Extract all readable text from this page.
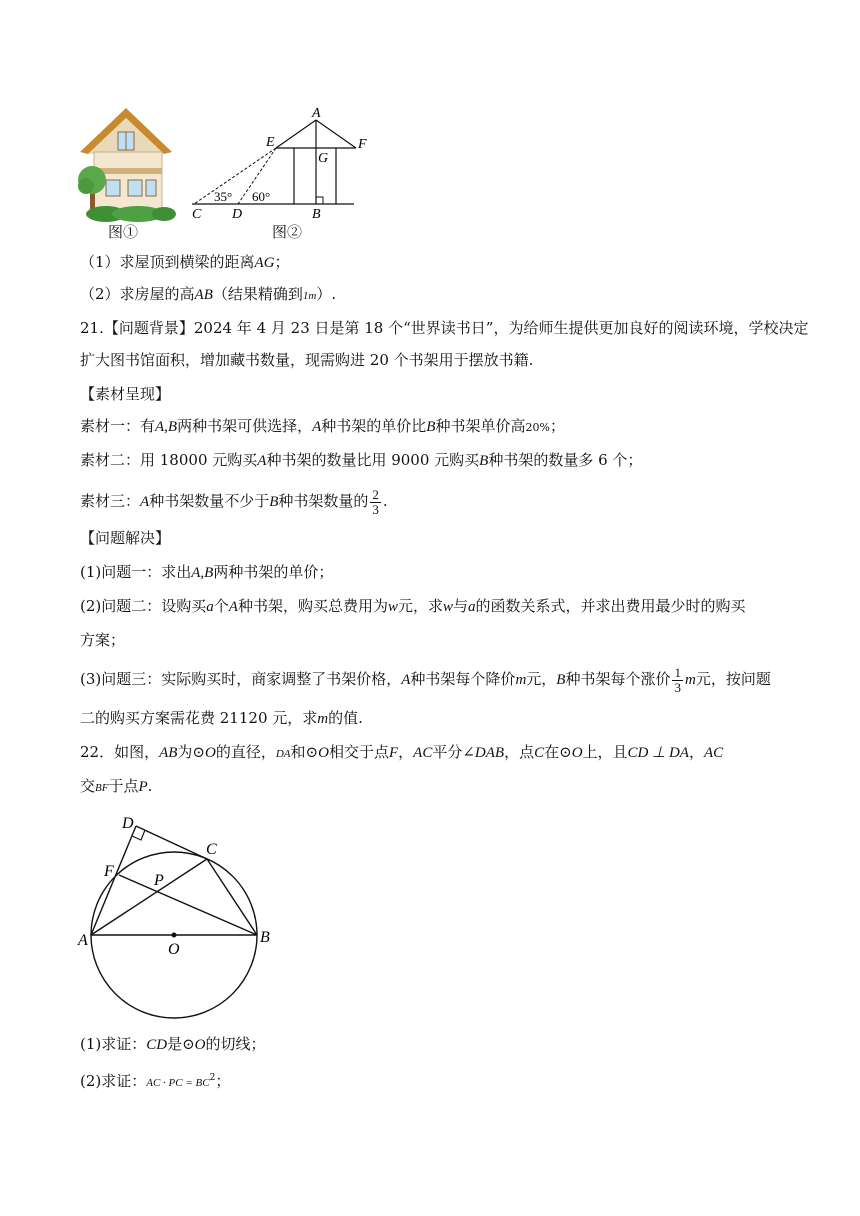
图①
A
E	F
G
C D	B
35° 60°
图②
（1）求屋顶到横梁的距离AG；
（2）求房屋的高AB（结果精确到1m）.
21.【问题背景】2024 年 4 月 23 日是第 18 个“世界读书日”，为给师生提供更加良好的阅读环境，学校决定
扩大图书馆面积，增加藏书数量，现需购进 20 个书架用于摆放书籍.
【素材呈现】
素材一：有A,B两种书架可供选择，A种书架的单价比B种书架单价高20%；
素材二：用 18000 元购买A种书架的数量比用 9000 元购买B种书架的数量多 6 个；
素材三：A种书架数量不少于B种书架数量的 $\frac{2}{3}$ .
【问题解决】
(1)问题一：求出A,B两种书架的单价；
(2)问题二：设购买a个A种书架，购买总费用为w元，求w与a的函数关系式，并求出费用最少时的购买
方案；
(3)问题三：实际购买时，商家调整了书架价格，A种书架每个降价m元，B种书架每个涨价 $\frac{1}{3}$ m元，按问题
二的购买方案需花费 21120 元，求m的值.
22．如图，AB为⊙O的直径，DA和⊙O相交于点F，AC平分∠DAB，点C在⊙O上，且CD ⊥ DA，AC
交BF于点P.
D
C
F
P
A
O
B
(1)求证：CD是⊙O的切线；
(2)求证：AC · PC = $BC^2$；
